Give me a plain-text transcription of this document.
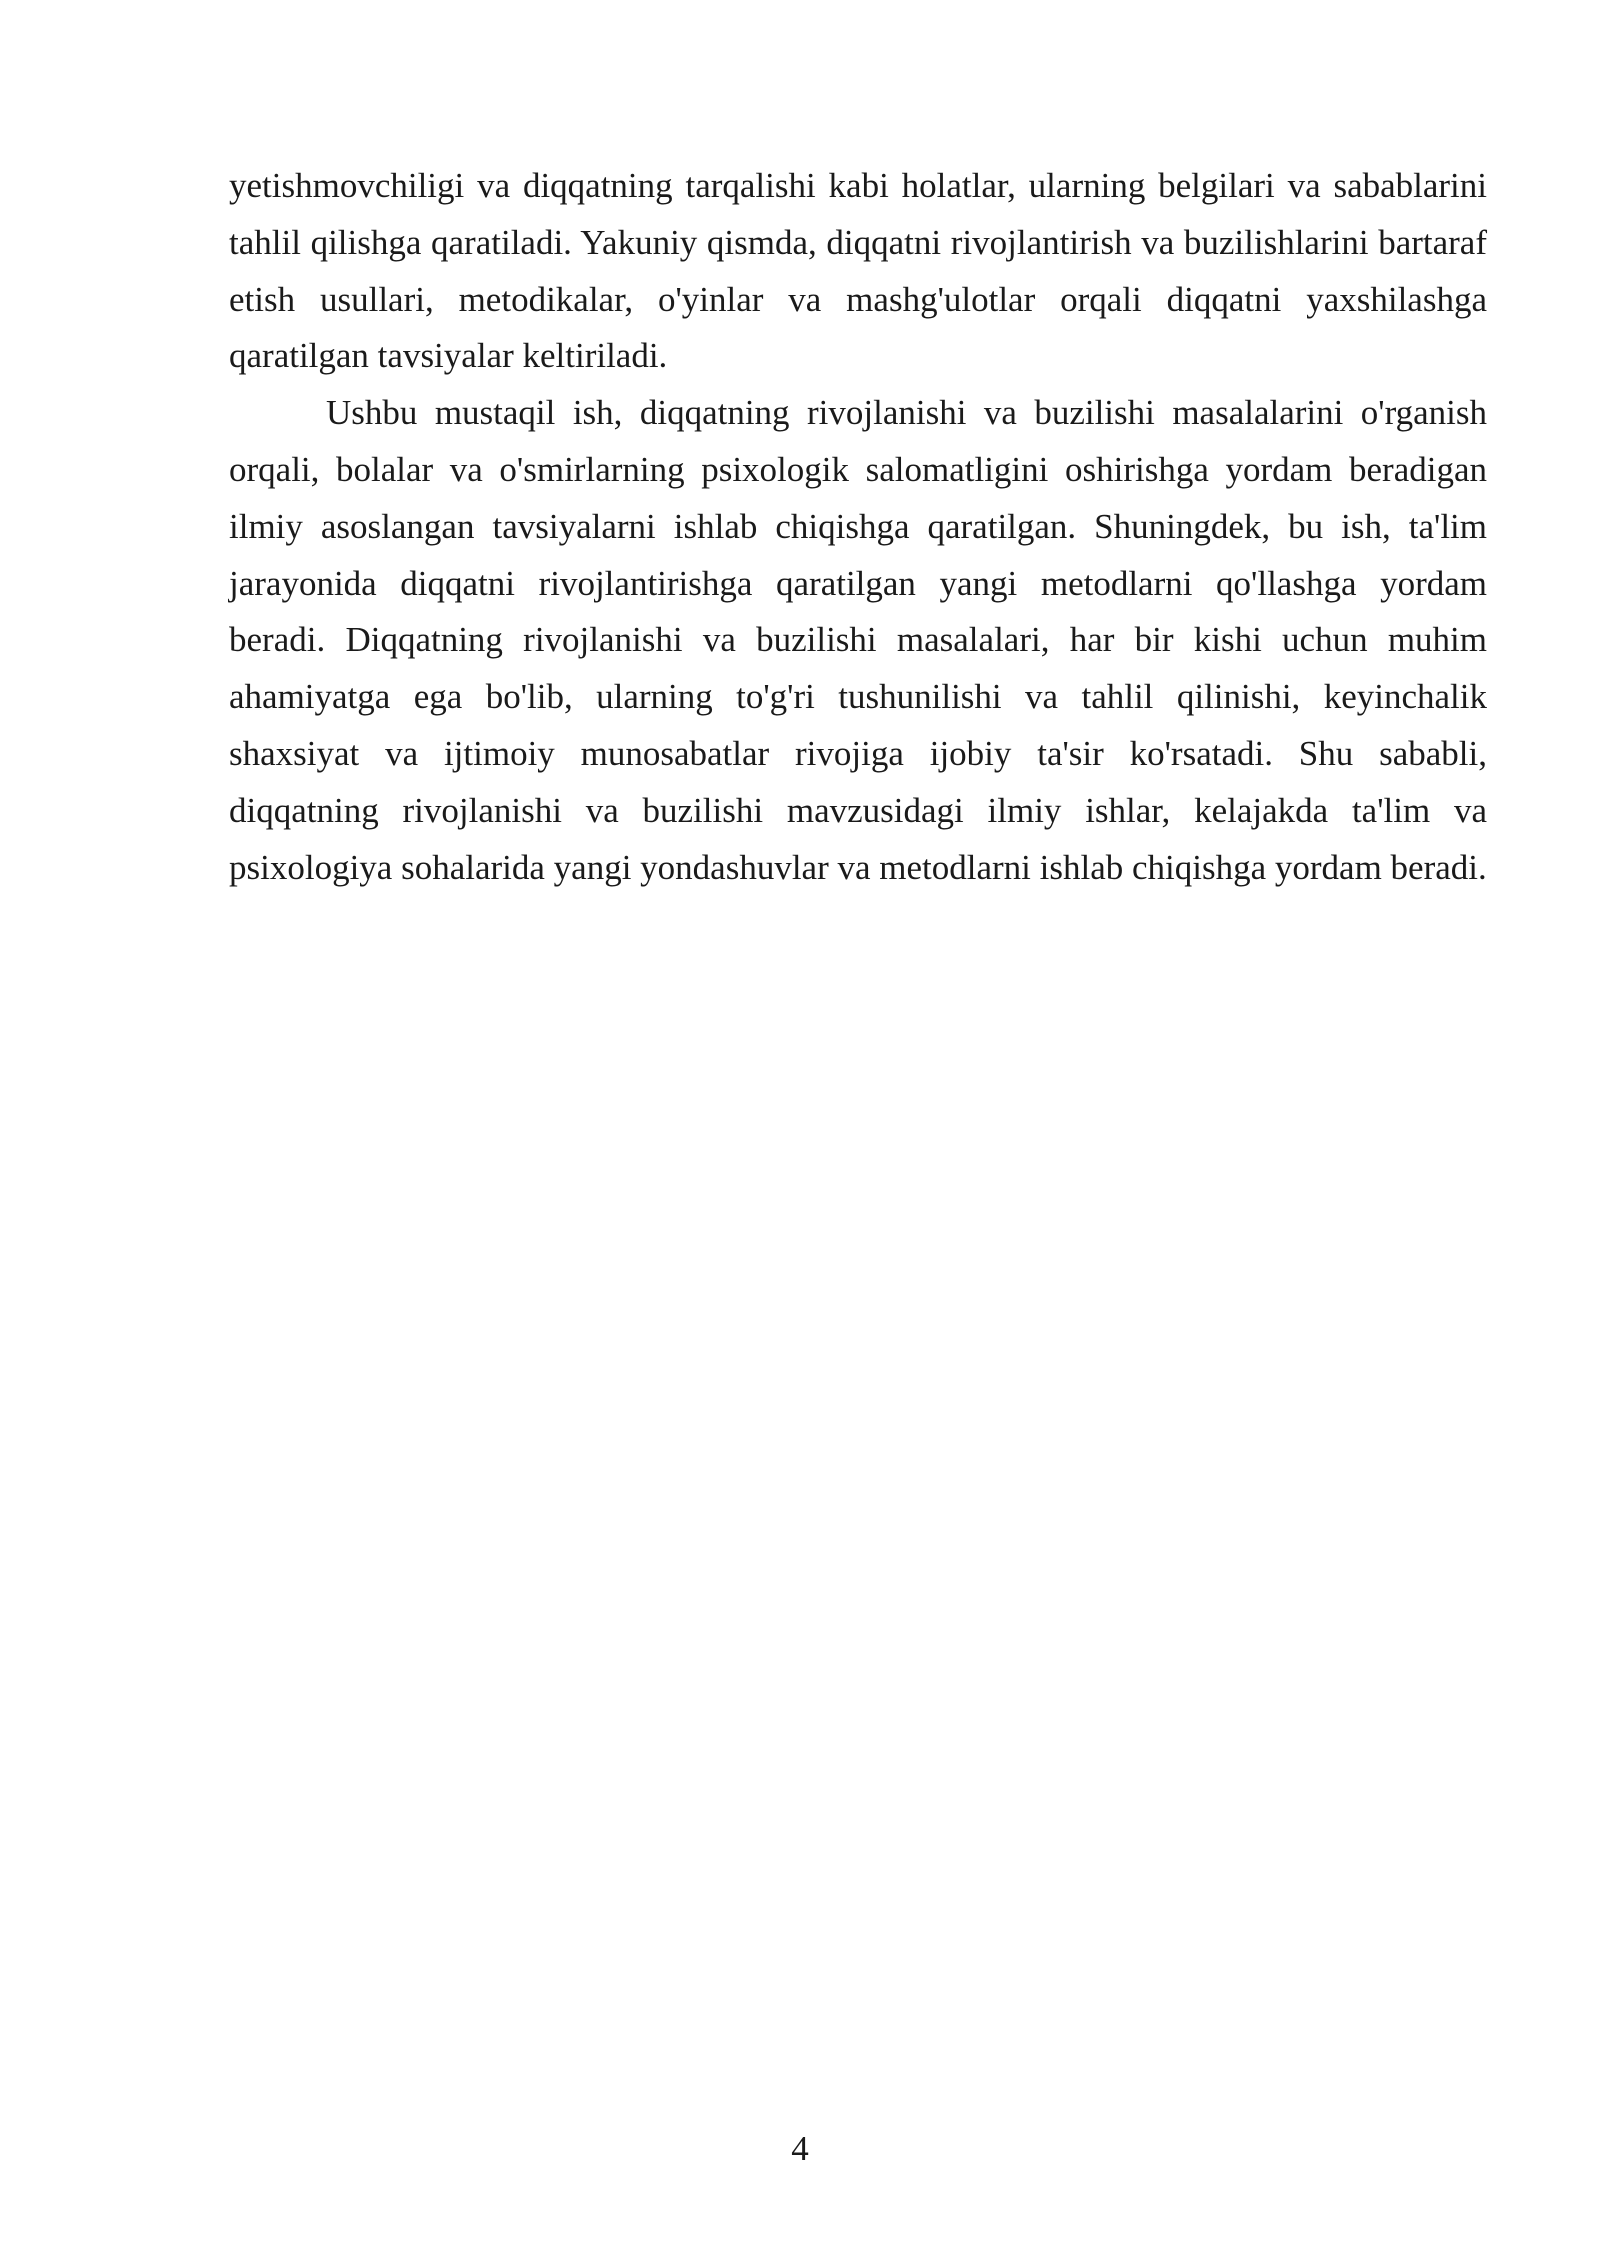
yetishmovchiligi va diqqatning tarqalishi kabi holatlar, ularning belgilari va sabablarini tahlil qilishga qaratiladi. Yakuniy qismda, diqqatni rivojlantirish va buzilishlarini bartaraf etish usullari, metodikalar, o'yinlar va mashg'ulotlar orqali diqqatni yaxshilashga qaratilgan tavsiyalar keltiriladi.

Ushbu mustaqil ish, diqqatning rivojlanishi va buzilishi masalalarini o'rganish orqali, bolalar va o'smirlarning psixologik salomatligini oshirishga yordam beradigan ilmiy asoslangan tavsiyalarni ishlab chiqishga qaratilgan. Shuningdek, bu ish, ta'lim jarayonida diqqatni rivojlantirishga qaratilgan yangi metodlarni qo'llashga yordam beradi. Diqqatning rivojlanishi va buzilishi masalalari, har bir kishi uchun muhim ahamiyatga ega bo'lib, ularning to'g'ri tushunilishi va tahlil qilinishi, keyinchalik shaxsiyat va ijtimoiy munosabatlar rivojiga ijobiy ta'sir ko'rsatadi. Shu sababli, diqqatning rivojlanishi va buzilishi mavzusidagi ilmiy ishlar, kelajakda ta'lim va psixologiya sohalarida yangi yondashuvlar va metodlarni ishlab chiqishga yordam beradi.

4
